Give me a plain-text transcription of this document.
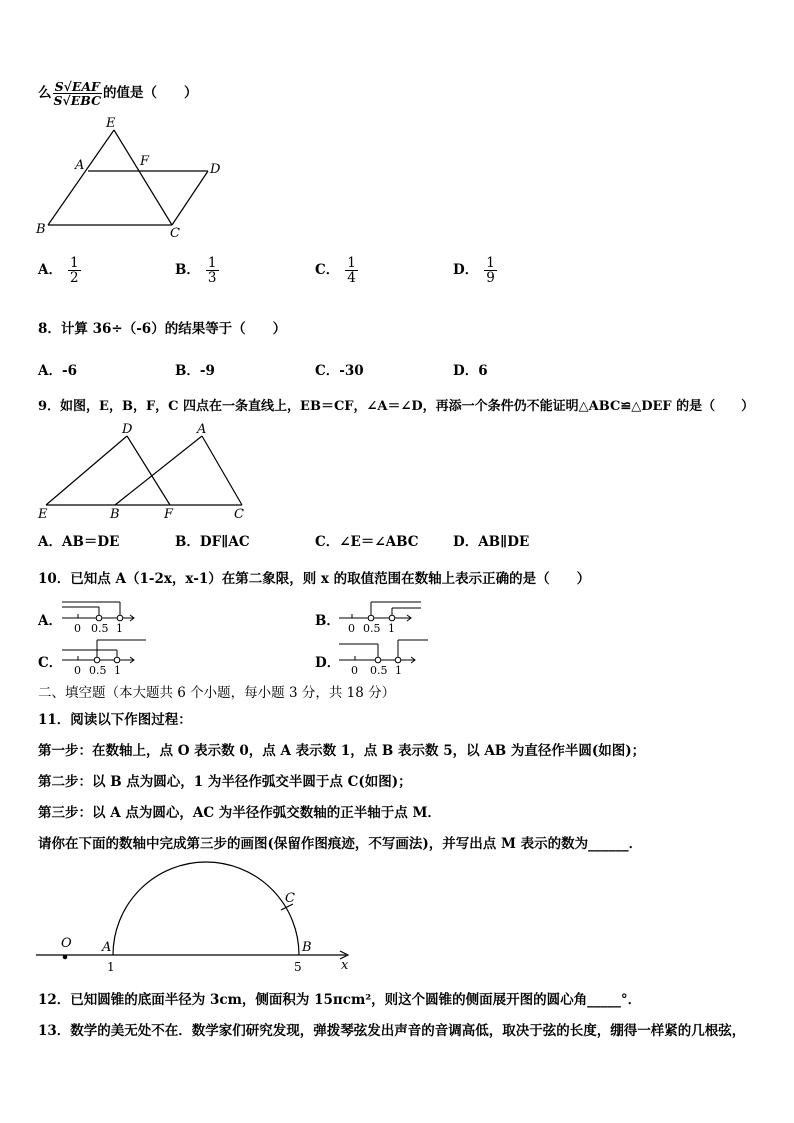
么 $\frac{\text{S√EAF}}{\text{S√EBC}}$ 的值是（　　）
E
A	F
D
B	C
A． $\frac{1}{2}$	B． $\frac{1}{3}$	C． $\frac{1}{4}$	D． $\frac{1}{9}$
8．计算 36÷（-6）的结果等于（　　）
A．-6	B．-9	C．-30	D．6
9．如图，E，B，F，C 四点在一条直线上，EB＝CF，∠A＝∠D，再添一个条件仍不能证明△ABC≌△DEF 的是（　　）
D	A
E	B	F	C
A．AB＝DE	B．DF∥AC	C．∠E＝∠ABC	D．AB∥DE
10．已知点 A（1-2x，x-1）在第二象限，则 x 的取值范围在数轴上表示正确的是（　　）
A． 0 0.5 1	B． 0 0.5 1
C． 0 0.5 1	D． 0 0.5 1
二、填空题（本大题共 6 个小题，每小题 3 分，共 18 分）
11．阅读以下作图过程：
第一步：在数轴上，点 O 表示数 0，点 A 表示数 1，点 B 表示数 5，以 AB 为直径作半圆(如图)；
第二步：以 B 点为圆心，1 为半径作弧交半圆于点 C(如图)；
第三步：以 A 点为圆心，AC 为半径作弧交数轴的正半轴于点 M．
请你在下面的数轴中完成第三步的画图(保留作图痕迹，不写画法)，并写出点 M 表示的数为______．
O A	B
C
x
1	5
12．已知圆锥的底面半径为 3cm，侧面积为 15πcm²，则这个圆锥的侧面展开图的圆心角_____°．
13．数学的美无处不在．数学家们研究发现，弹拨琴弦发出声音的音调高低，取决于弦的长度，绷得一样紧的几根弦，
